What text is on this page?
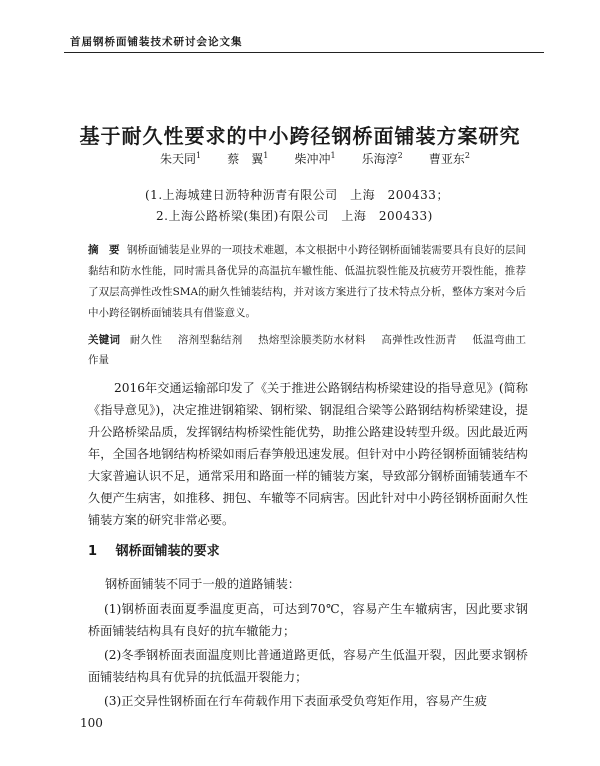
首届钢桥面铺装技术研讨会论文集
基于耐久性要求的中小跨径钢桥面铺装方案研究
朱天同$^1$ 蔡　翼$^1$ 柴冲冲$^1$ 乐海淳$^2$ 曹亚东$^2$
(1.上海城建日沥特种沥青有限公司　上海　200433；
2.上海公路桥梁(集团)有限公司　上海　200433)
摘　要 钢桥面铺装是业界的一项技术难题，本文根据中小跨径钢桥面铺装需要具有良好的层间黏结和防水性能，同时需具备优异的高温抗车辙性能、低温抗裂性能及抗疲劳开裂性能，推荐了双层高弹性改性SMA的耐久性铺装结构，并对该方案进行了技术特点分析，整体方案对今后中小跨径钢桥面铺装具有借鉴意义。
关键词 耐久性 溶剂型黏结剂 热熔型涂膜类防水材料 高弹性改性沥青 低温弯曲工作量
2016年交通运输部印发了《关于推进公路钢结构桥梁建设的指导意见》(简称《指导意见》)，决定推进钢箱梁、钢桁梁、钢混组合梁等公路钢结构桥梁建设，提升公路桥梁品质，发挥钢结构桥梁性能优势，助推公路建设转型升级。因此最近两年，全国各地钢结构桥梁如雨后春笋般迅速发展。但针对中小跨径钢桥面铺装结构大家普遍认识不足，通常采用和路面一样的铺装方案，导致部分钢桥面铺装通车不久便产生病害，如推移、拥包、车辙等不同病害。因此针对中小跨径钢桥面耐久性铺装方案的研究非常必要。
1 钢桥面铺装的要求
钢桥面铺装不同于一般的道路铺装：
(1)钢桥面表面夏季温度更高，可达到70℃，容易产生车辙病害，因此要求钢桥面铺装结构具有良好的抗车辙能力；
(2)冬季钢桥面表面温度则比普通道路更低，容易产生低温开裂，因此要求钢桥面铺装结构具有优异的抗低温开裂能力；
(3)正交异性钢桥面在行车荷载作用下表面承受负弯矩作用，容易产生疲
100
